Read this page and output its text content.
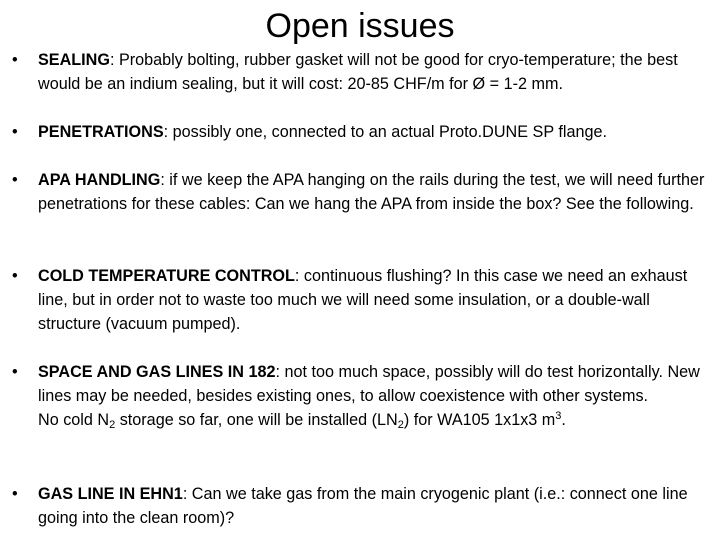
Open issues
•	SEALING: Probably bolting, rubber gasket will not be good for cryo-temperature; the best would be an indium sealing, but it will cost: 20-85 CHF/m for Ø = 1-2 mm.
•	PENETRATIONS: possibly one, connected to an actual Proto.DUNE SP flange.
•	APA HANDLING: if we keep the APA hanging on the rails during the test, we will need further penetrations for these cables: Can we hang the APA from inside the box? See the following.
•	COLD TEMPERATURE CONTROL: continuous flushing? In this case we need an exhaust line, but in order not to waste too much we will need some insulation, or a double-wall structure (vacuum pumped).
•	SPACE AND GAS LINES IN 182: not too much space, possibly will do test horizontally. New lines may be needed, besides existing ones, to allow coexistence with other systems.

No cold $N_2$ storage so far, one will be installed $(LN_2)$ for WA105 1x1x3 $m^3$.

•	GAS LINE IN EHN1: Can we take gas from the main cryogenic plant (i.e.: connect one line going into the clean room)?
